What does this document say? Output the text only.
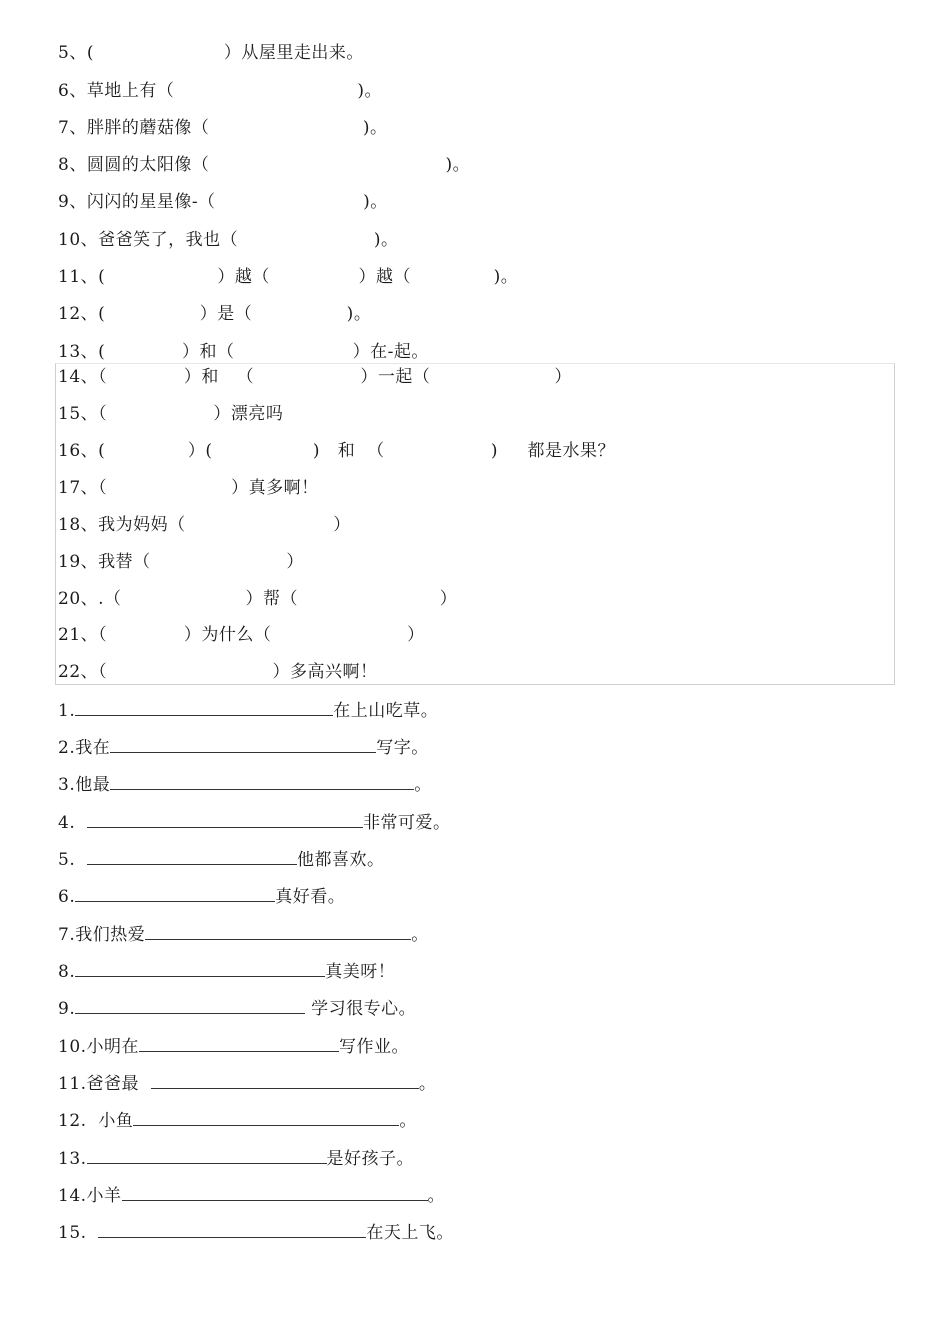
5、(                      ）从屋里走出来。
6、草地上有（                               )。
7、胖胖的蘑菇像（                          )。
8、圆圆的太阳像（                                        )。
9、闪闪的星星像-（                         )。
10、爸爸笑了，我也（                       )。
11、(                   ）越（               ）越（              )。
12、(                ）是（                )。
13、(             ）和（                    ）在-起。
14、（             ）和   （                  ）一起（                     ）
15、（                  ）漂亮吗
16、(              ）(                 )   和  （                  )     都是水果？
17、（                     ）真多啊！
18、我为妈妈（                         ）
19、我替（                       ）
20、.（                     ）帮（                        ）
21、（             ）为什么（                       ）
22、（                            ）多高兴啊！
1.	在上山吃草。
2.我在	写字。
3.他最	。
4.	非常可爱。
5.	他都喜欢。
6.	真好看。
7.我们热爱	。
8.	真美呀！
9.	学习很专心。
10.小明在	写作业。
11.爸爸最	。
12.  小鱼	。
13.	是好孩子。
14.小羊	。
15.	在天上飞。
